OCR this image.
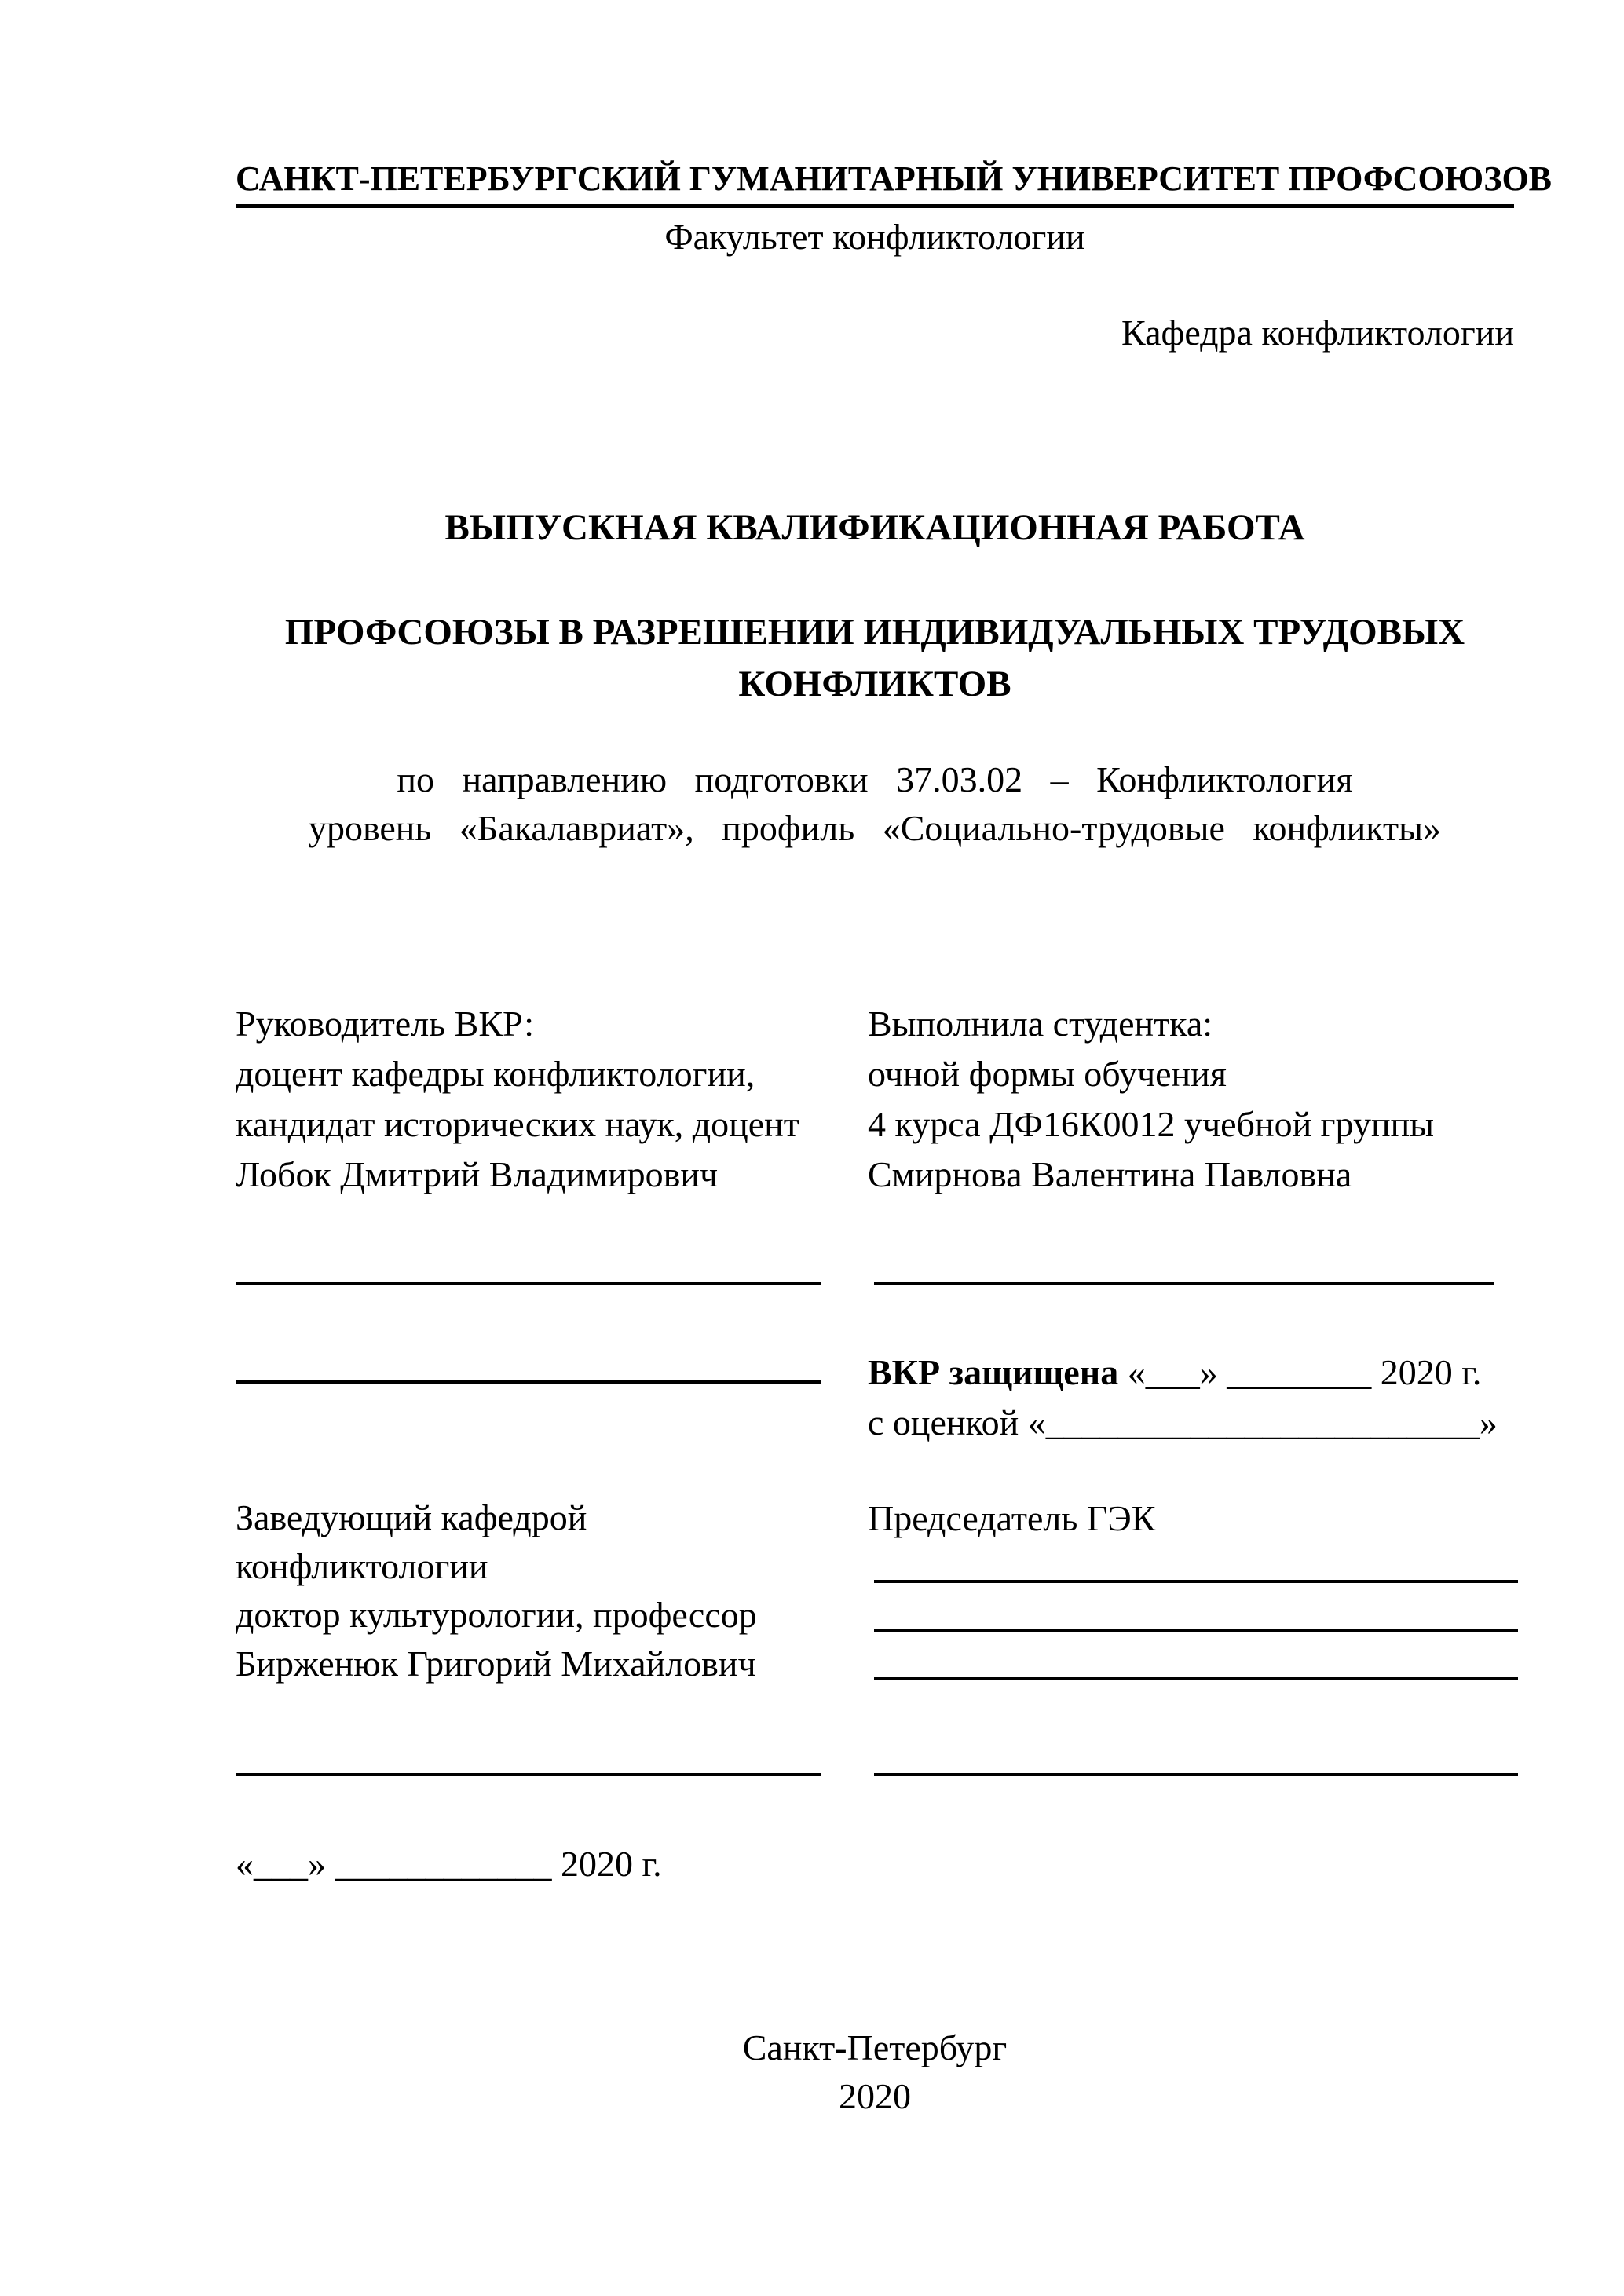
САНКТ-ПЕТЕРБУРГСКИЙ ГУМАНИТАРНЫЙ УНИВЕРСИТЕТ ПРОФСОЮЗОВ
Факультет конфликтологии
Кафедра конфликтологии
ВЫПУСКНАЯ КВАЛИФИКАЦИОННАЯ РАБОТА
ПРОФСОЮЗЫ В РАЗРЕШЕНИИ ИНДИВИДУАЛЬНЫХ ТРУДОВЫХ
КОНФЛИКТОВ
по направлению подготовки 37.03.02 – Конфликтология
уровень «Бакалавриат», профиль «Социально-трудовые конфликты»
Руководитель ВКР:
доцент кафедры конфликтологии,
кандидат исторических наук, доцент
Лобок Дмитрий Владимирович
Выполнила студентка:
очной формы обучения
4 курса ДФ16К0012 учебной группы
Смирнова Валентина Павловна
ВКР защищена «___» ________ 2020 г.
с оценкой «________________________»
Заведующий кафедрой
конфликтологии
доктор культурологии, профессор
Бирженюк Григорий Михайлович
Председатель ГЭК
«___» ____________ 2020 г.
Санкт-Петербург
2020
